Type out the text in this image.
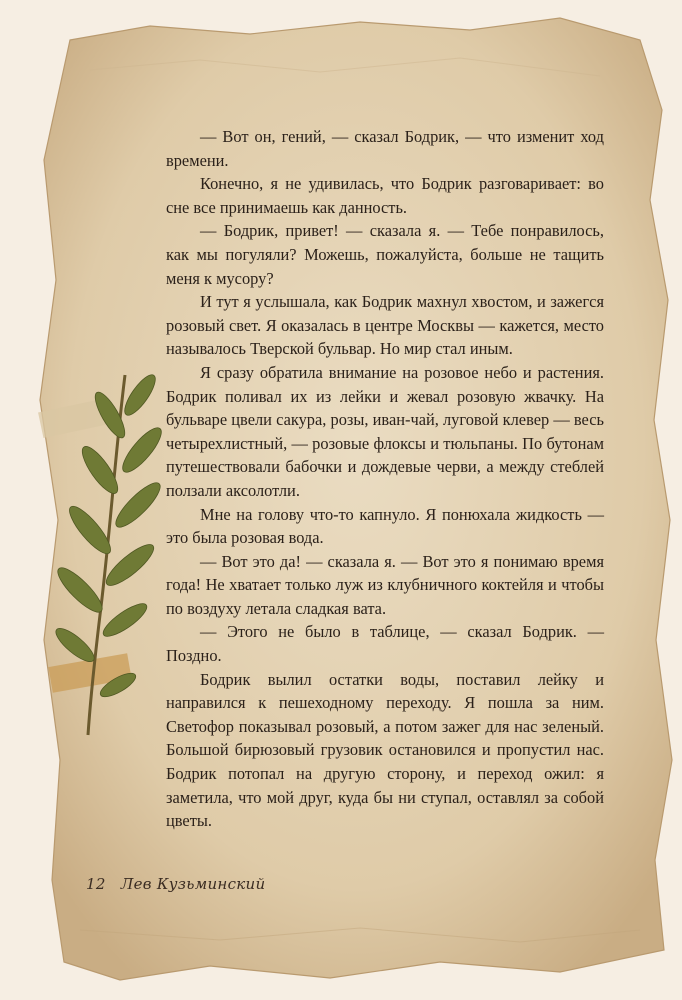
— Вот он, гений, — сказал Бодрик, — что изменит ход времени.

Конечно, я не удивилась, что Бодрик разговаривает: во сне все принимаешь как данность.

— Бодрик, привет! — сказала я. — Тебе понравилось, как мы погуляли? Можешь, пожалуйста, больше не тащить меня к мусору?

И тут я услышала, как Бодрик махнул хвостом, и зажегся розовый свет. Я оказалась в центре Москвы — кажется, место называлось Тверской бульвар. Но мир стал иным.

Я сразу обратила внимание на розовое небо и растения. Бодрик поливал их из лейки и жевал розовую жвачку. На бульваре цвели сакура, розы, иван-чай, луговой клевер — весь четырехлистный, — розовые флоксы и тюльпаны. По бутонам путешествовали бабочки и дождевые черви, а между стеблей ползали аксолотли.

Мне на голову что-то капнуло. Я понюхала жидкость — это была розовая вода.

— Вот это да! — сказала я. — Вот это я понимаю время года! Не хватает только луж из клубничного коктейля и чтобы по воздуху летала сладкая вата.

— Этого не было в таблице, — сказал Бодрик. — Поздно.

Бодрик вылил остатки воды, поставил лейку и направился к пешеходному переходу. Я пошла за ним. Светофор показывал розовый, а потом зажег для нас зеленый. Большой бирюзовый грузовик остановился и пропустил нас. Бодрик потопал на другую сторону, и переход ожил: я заметила, что мой друг, куда бы ни ступал, оставлял за собой цветы.

12 Лев Кузьминский
